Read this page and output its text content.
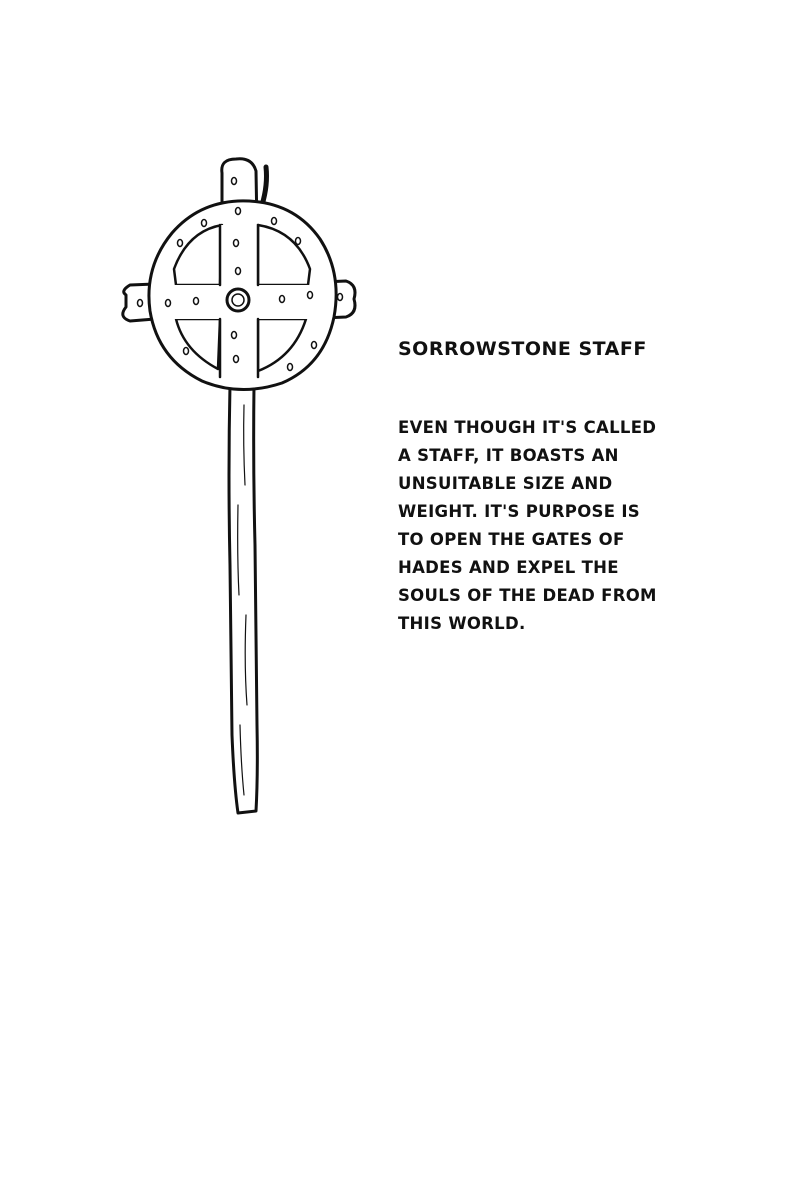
SORROWSTONE STAFF

EVEN THOUGH IT'S CALLED
A STAFF, IT BOASTS AN
UNSUITABLE SIZE AND
WEIGHT. IT'S PURPOSE IS
TO OPEN THE GATES OF
HADES AND EXPEL THE
SOULS OF THE DEAD FROM
THIS WORLD.
